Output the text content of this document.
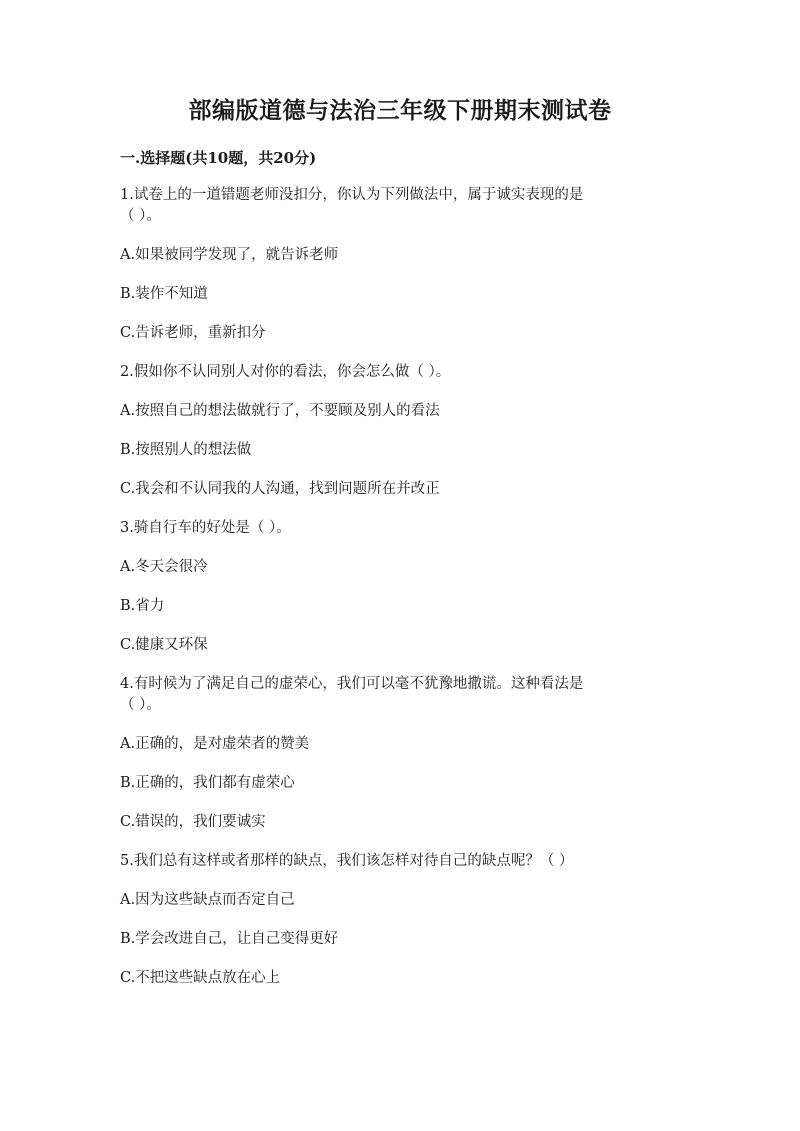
部编版道德与法治三年级下册期末测试卷
一.选择题(共10题，共20分)

1.试卷上的一道错题老师没扣分，你认为下列做法中，属于诚实表现的是
（ ）。

A.如果被同学发现了，就告诉老师

B.装作不知道

C.告诉老师，重新扣分

2.假如你不认同别人对你的看法，你会怎么做（ ）。

A.按照自己的想法做就行了，不要顾及别人的看法

B.按照别人的想法做

C.我会和不认同我的人沟通，找到问题所在并改正

3.骑自行车的好处是（ ）。

A.冬天会很冷

B.省力

C.健康又环保

4.有时候为了满足自己的虚荣心，我们可以毫不犹豫地撒谎。这种看法是
（ ）。

A.正确的，是对虚荣者的赞美

B.正确的，我们都有虚荣心

C.错误的，我们要诚实

5.我们总有这样或者那样的缺点，我们该怎样对待自己的缺点呢？（ ）

A.因为这些缺点而否定自己

B.学会改进自己，让自己变得更好

C.不把这些缺点放在心上
